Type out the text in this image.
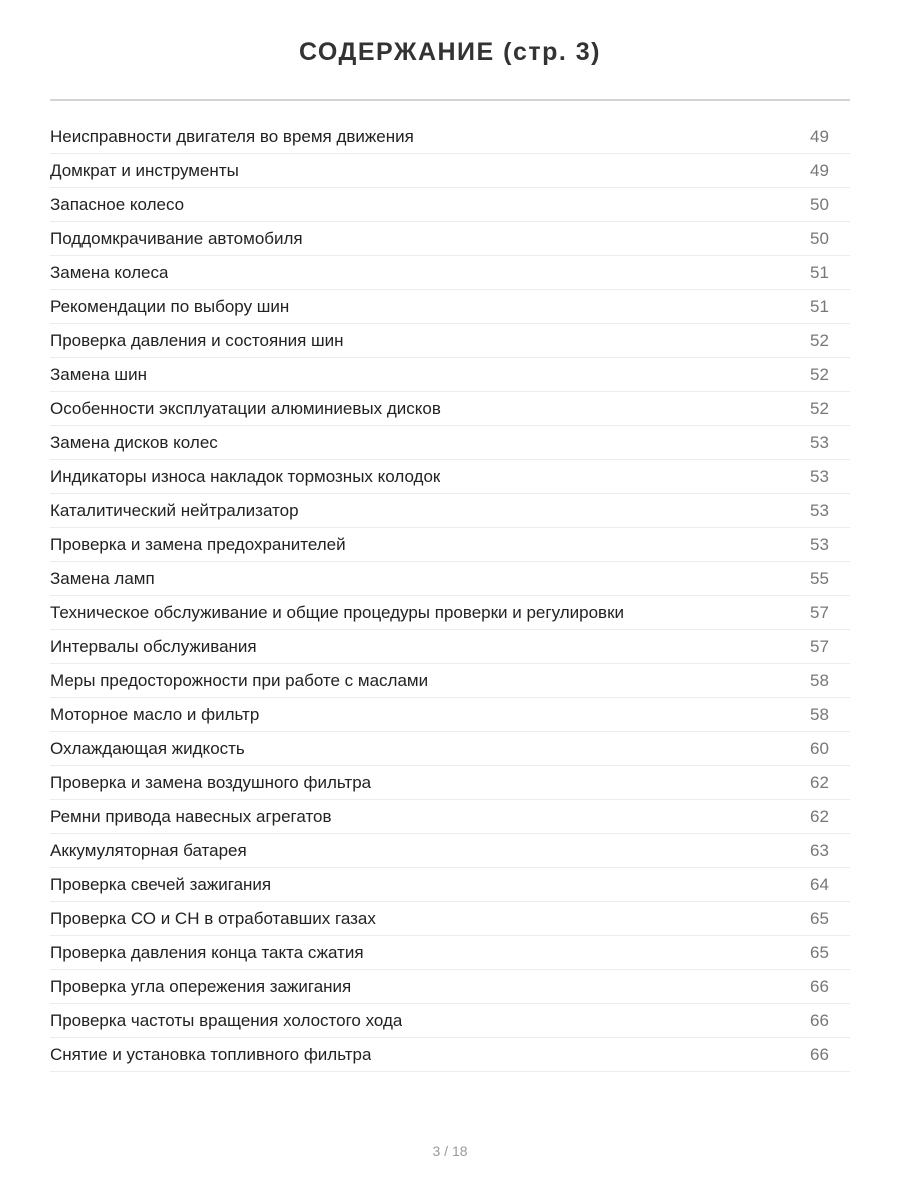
СОДЕРЖАНИЕ (стр. 3)
Неисправности двигателя во время движения	49
Домкрат и инструменты	49
Запасное колесо	50
Поддомкрачивание автомобиля	50
Замена колеса	51
Рекомендации по выбору шин	51
Проверка давления и состояния шин	52
Замена шин	52
Особенности эксплуатации алюминиевых дисков	52
Замена дисков колес	53
Индикаторы износа накладок тормозных колодок	53
Каталитический нейтрализатор	53
Проверка и замена предохранителей	53
Замена ламп	55
Техническое обслуживание и общие процедуры проверки и регулировки	57
Интервалы обслуживания	57
Меры предосторожности при работе с маслами	58
Моторное масло и фильтр	58
Охлаждающая жидкость	60
Проверка и замена воздушного фильтра	62
Ремни привода навесных агрегатов	62
Аккумуляторная батарея	63
Проверка свечей зажигания	64
Проверка СО и СН в отработавших газах	65
Проверка давления конца такта сжатия	65
Проверка угла опережения зажигания	66
Проверка частоты вращения холостого хода	66
Снятие и установка топливного фильтра	66
3 / 18
